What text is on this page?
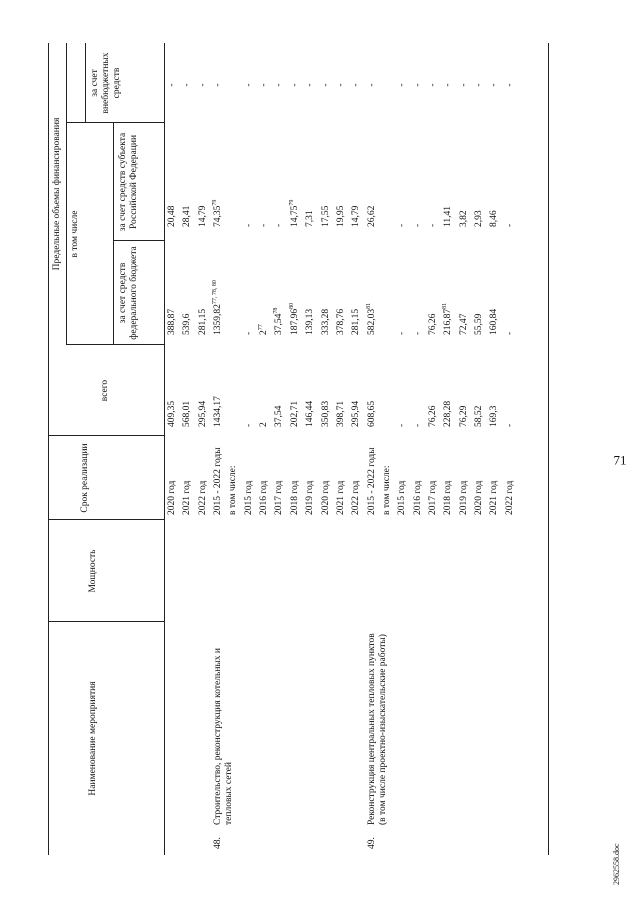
71
Наименование мероприятия
Мощность
Срок реализации
Предельные объемы финансирования
всего
в том числе
за счет средств федерального бюджета
за счет средств субъекта Российской Федерации
за счет внебюджетных средств
2020 год
409,35
388,87
20,48
-
2021 год
568,01
539,6
28,41
-
2022 год
295,94
281,15
14,79
-
48.
Строительство, реконструкция котельных и тепловых сетей
2015 - 2022 годы
1434,17
1359,82$^{77, 78, 80}$
74,35$^{79}$
-
в том числе: 2015 год
-
-
-
-
2016 год
2
$2^{77}$
-
-
2017 год
37,54
37,54$^{78}$
-
-
2018 год
202,71
187,96$^{80}$
14,75$^{79}$
-
2019 год
146,44
139,13
7,31
-
2020 год
350,83
333,28
17,55
-
2021 год
398,71
378,76
19,95
-
2022 год
295,94
281,15
14,79
-
49.
Реконструкция центральных тепловых пунктов (в том числе проектно-изыскательские работы)
2015 - 2022 годы
608,65
582,03$^{81}$
26,62
-
в том числе: 2015 год
-
-
-
-
2016 год
-
-
-
-
2017 год
76,26
76,26
-
-
2018 год
228,28
216,87$^{81}$
11,41
-
2019 год
76,29
72,47
3,82
-
2020 год
58,52
55,59
2,93
-
2021 год
169,3
160,84
8,46
-
2022 год
-
-
-
-
2962558.doc
